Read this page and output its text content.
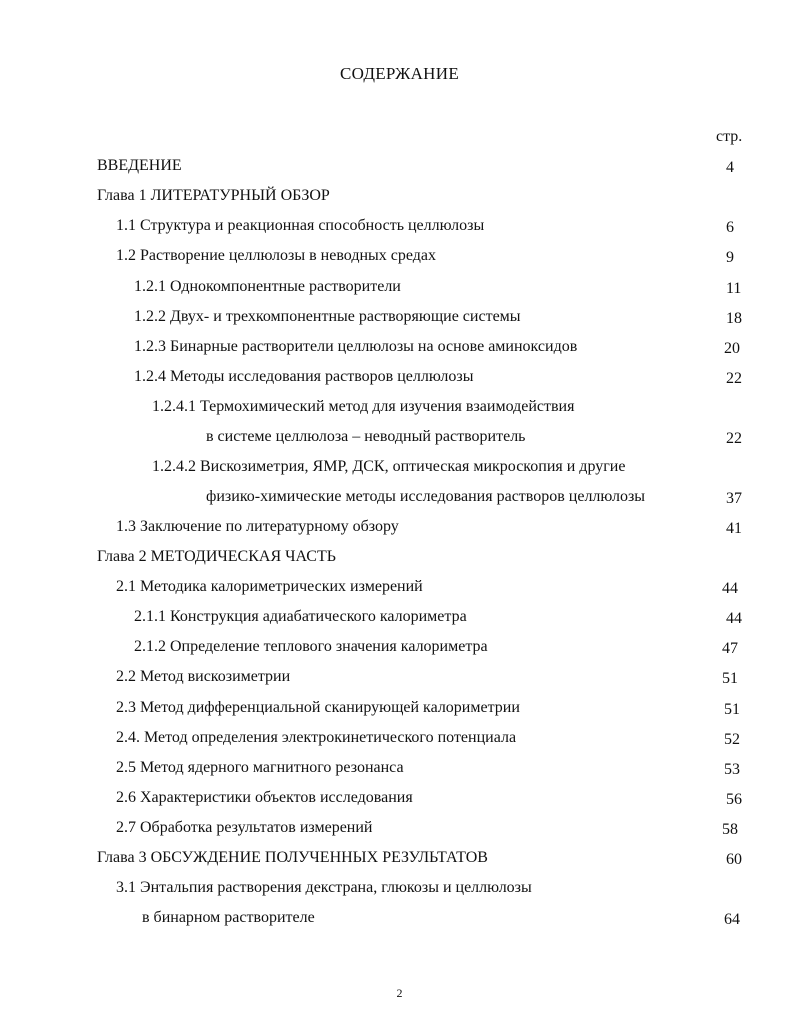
СОДЕРЖАНИЕ
стр.
ВВЕДЕНИЕ	4
Глава 1 ЛИТЕРАТУРНЫЙ ОБЗОР
1.1 Структура и реакционная способность целлюлозы	6
1.2 Растворение целлюлозы в неводных средах	9
1.2.1 Однокомпонентные растворители	11
1.2.2 Двух- и трехкомпонентные растворяющие системы	18
1.2.3 Бинарные растворители целлюлозы на основе аминоксидов	20
1.2.4 Методы исследования растворов целлюлозы	22
1.2.4.1 Термохимический метод для изучения взаимодействия
в системе целлюлоза – неводный растворитель	22
1.2.4.2 Вискозиметрия, ЯМР, ДСК, оптическая микроскопия и другие
физико-химические методы исследования растворов целлюлозы	37
1.3 Заключение по литературному обзору	41
Глава 2 МЕТОДИЧЕСКАЯ ЧАСТЬ
2.1 Методика калориметрических измерений	44
2.1.1 Конструкция адиабатического калориметра	44
2.1.2 Определение теплового значения калориметра	47
2.2 Метод вискозиметрии	51
2.3 Метод дифференциальной сканирующей калориметрии	51
2.4. Метод определения электрокинетического потенциала	52
2.5 Метод ядерного магнитного резонанса	53
2.6 Характеристики объектов исследования	56
2.7 Обработка результатов измерений	58
Глава 3 ОБСУЖДЕНИЕ ПОЛУЧЕННЫХ РЕЗУЛЬТАТОВ	60
3.1 Энтальпия растворения декстрана, глюкозы и целлюлозы
в бинарном растворителе	64
2
